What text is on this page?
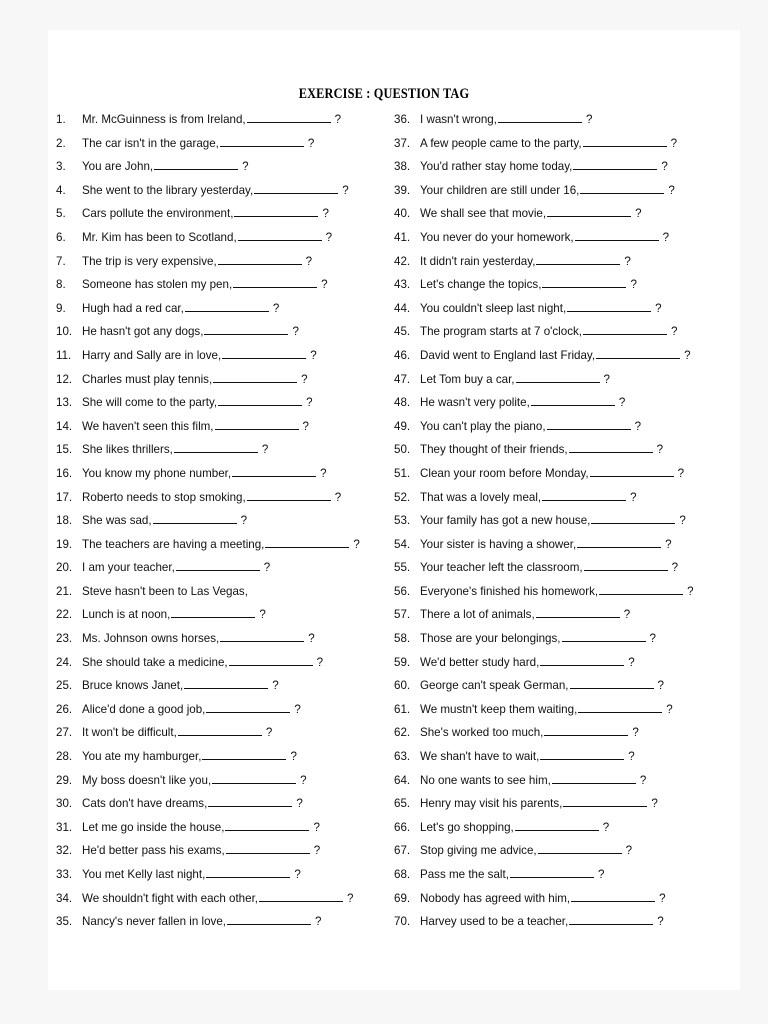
EXERCISE : QUESTION TAG
1. Mr. McGuinness is from Ireland,	?
2. The car isn't in the garage,	?
3. You are John,	?
4. She went to the library yesterday,	?
5. Cars pollute the environment,	?
6. Mr. Kim has been to Scotland,	?
7. The trip is very expensive,	?
8. Someone has stolen my pen,	?
9. Hugh had a red car,	?
10. He hasn't got any dogs,	?
11. Harry and Sally are in love,	?
12. Charles must play tennis,	?
13. She will come to the party,	?
14. We haven't seen this film,	?
15. She likes thrillers,	?
16. You know my phone number,	?
17. Roberto needs to stop smoking,	?
18. She was sad,	?
19. The teachers are having a meeting,	?
20. I am your teacher,	?
21. Steve hasn't been to Las Vegas,
22. Lunch is at noon,	?
23. Ms. Johnson owns horses,	?
24. She should take a medicine,	?
25. Bruce knows Janet,	?
26. Alice'd done a good job,	?
27. It won't be difficult,	?
28. You ate my hamburger,	?
29. My boss doesn't like you,	?
30. Cats don't have dreams,	?
31. Let me go inside the house,	?
32. He'd better pass his exams,	?
33. You met Kelly last night,	?
34. We shouldn't fight with each other,	?
35. Nancy's never fallen in love,	?
36. I wasn't wrong,	?
37. A few people came to the party,	?
38. You'd rather stay home today,	?
39. Your children are still under 16,	?
40. We shall see that movie,	?
41. You never do your homework,	?
42. It didn't rain yesterday,	?
43. Let's change the topics,	?
44. You couldn't sleep last night,	?
45. The program starts at 7 o'clock,	?
46. David went to England last Friday,	?
47. Let Tom buy a car,	?
48. He wasn't very polite,	?
49. You can't play the piano,	?
50. They thought of their friends,	?
51. Clean your room before Monday,	?
52. That was a lovely meal,	?
53. Your family has got a new house,	?
54. Your sister is having a shower,	?
55. Your teacher left the classroom,	?
56. Everyone's finished his homework,	?
57. There a lot of animals,	?
58. Those are your belongings,	?
59. We'd better study hard,	?
60. George can't speak German,	?
61. We mustn't keep them waiting,	?
62. She's worked too much,	?
63. We shan't have to wait,	?
64. No one wants to see him,	?
65. Henry may visit his parents,	?
66. Let's go shopping,	?
67. Stop giving me advice,	?
68. Pass me the salt,	?
69. Nobody has agreed with him,	?
70. Harvey used to be a teacher,	?
